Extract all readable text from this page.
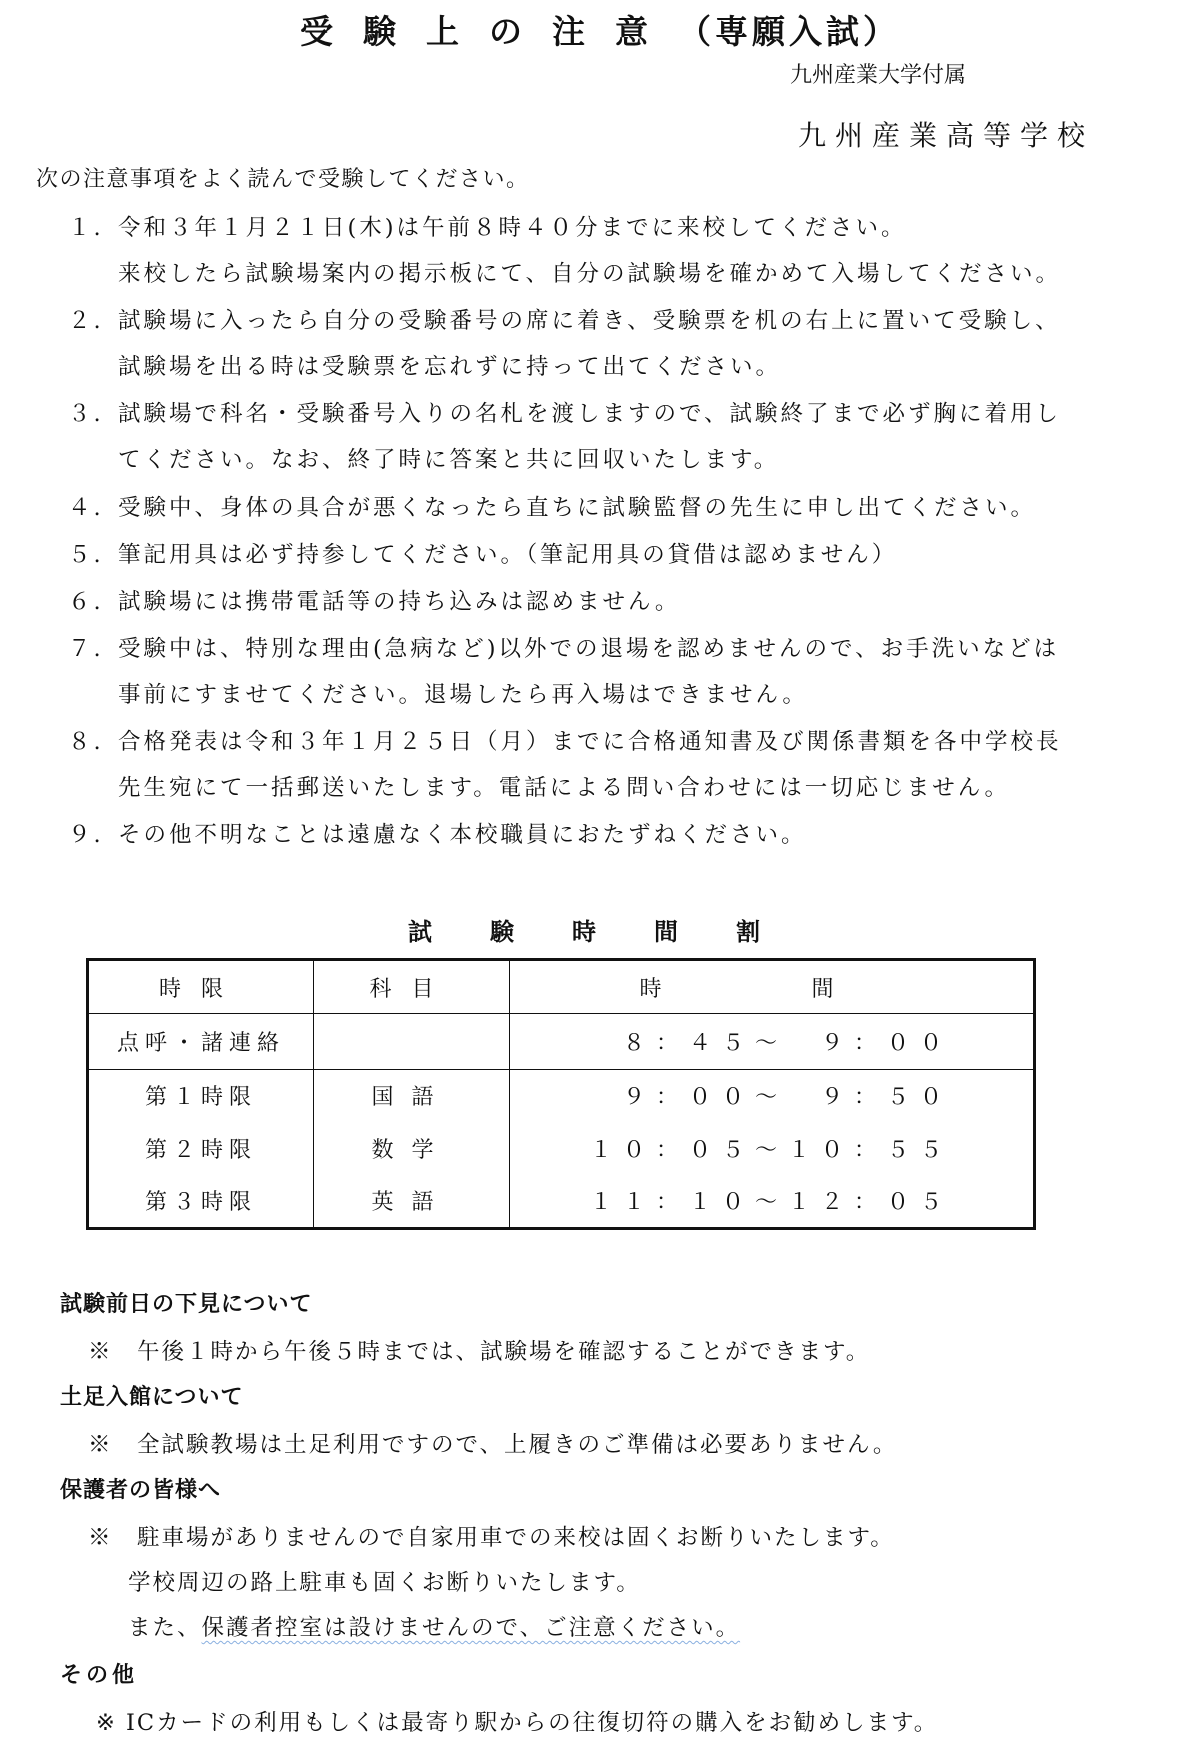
受験上の注意（専願入試）
九州産業大学付属
九州産業高等学校
次の注意事項をよく読んで受験してください。
１. 令和３年１月２１日(木)は午前８時４０分までに来校してください。
来校したら試験場案内の掲示板にて、自分の試験場を確かめて入場してください。
２. 試験場に入ったら自分の受験番号の席に着き、受験票を机の右上に置いて受験し、
試験場を出る時は受験票を忘れずに持って出てください。
３. 試験場で科名・受験番号入りの名札を渡しますので、試験終了まで必ず胸に着用し
てください。なお、終了時に答案と共に回収いたします。
４. 受験中、身体の具合が悪くなったら直ちに試験監督の先生に申し出てください。
５. 筆記用具は必ず持参してください。（筆記用具の貸借は認めません）
６. 試験場には携帯電話等の持ち込みは認めません。
７. 受験中は、特別な理由(急病など)以外での退場を認めませんので、お手洗いなどは
事前にすませてください。退場したら再入場はできません。
８. 合格発表は令和３年１月２５日（月）までに合格通知書及び関係書類を各中学校長
先生宛にて一括郵送いたします。電話による問い合わせには一切応じません。
９. その他不明なことは遠慮なく本校職員におたずねください。
試験時間割
時限	科目	時間
点呼・諸連絡		８：４５～　９：００
第１時限	国語	９：００～　９：５０
第２時限	数学	１０：０５～１０：５５
第３時限	英語	１１：１０～１２：０５
試験前日の下見について
※　午後１時から午後５時までは、試験場を確認することができます。
土足入館について
※　全試験教場は土足利用ですので、上履きのご準備は必要ありません。
保護者の皆様へ
※　駐車場がありませんので自家用車での来校は固くお断りいたします。
学校周辺の路上駐車も固くお断りいたします。
また、保護者控室は設けませんので、ご注意ください。
その他
※ ICカードの利用もしくは最寄り駅からの往復切符の購入をお勧めします。
